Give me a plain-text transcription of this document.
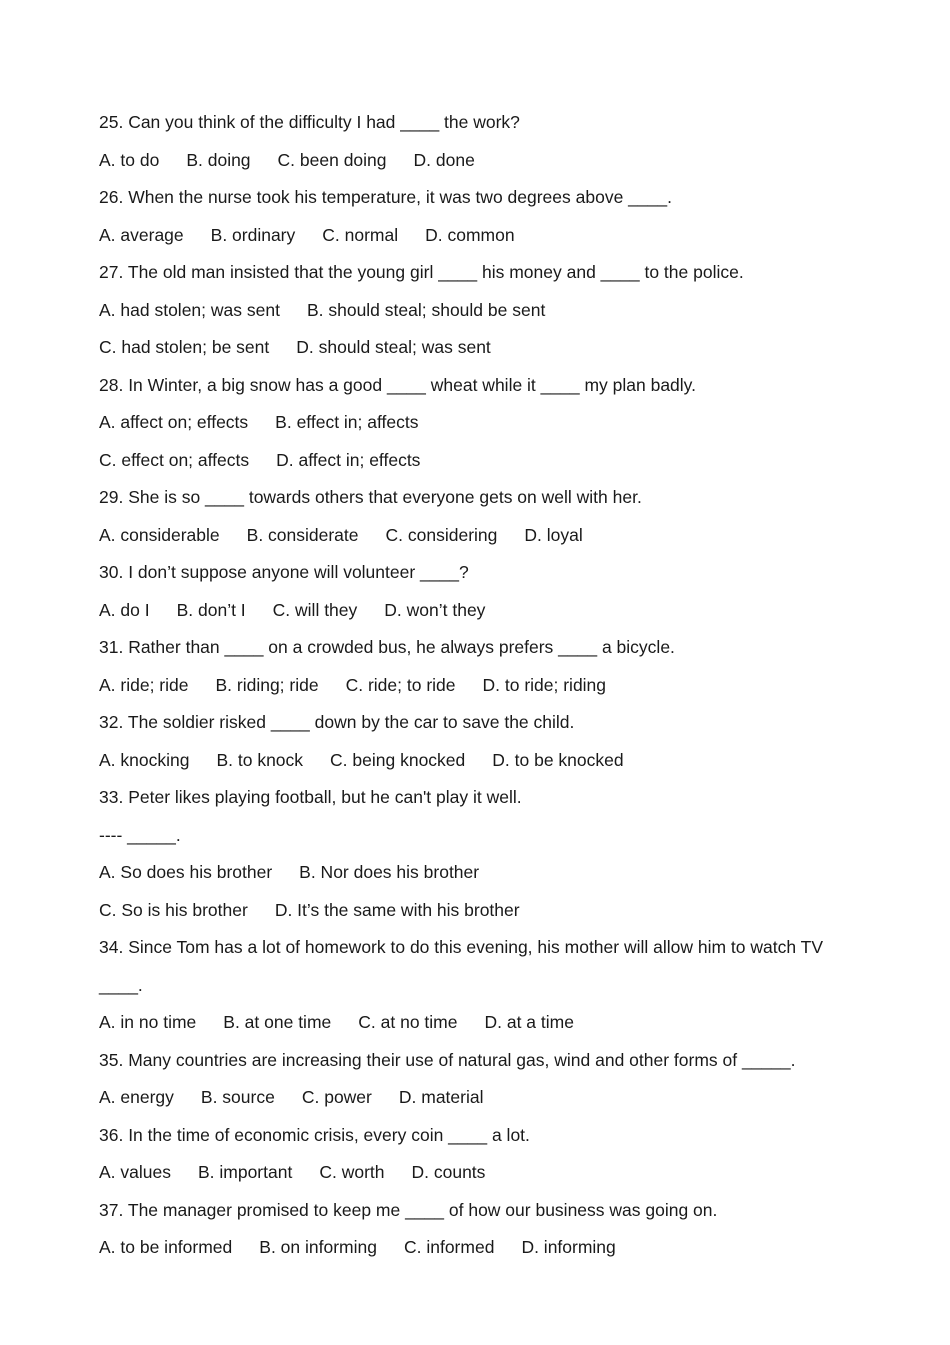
25. Can you think of the difficulty I had ____ the work?
A. to do B. doing C. been doing D. done
26. When the nurse took his temperature, it was two degrees above ____.
A. average B. ordinary C. normal D. common
27. The old man insisted that the young girl ____ his money and ____ to the police.
A. had stolen; was sent B. should steal; should be sent
C. had stolen; be sent D. should steal; was sent
28. In Winter, a big snow has a good ____ wheat while it ____ my plan badly.
A. affect on; effects B. effect in; affects
C. effect on; affects D. affect in; effects
29. She is so ____ towards others that everyone gets on well with her.
A. considerable B. considerate C. considering D. loyal
30. I don’t suppose anyone will volunteer ____?
A. do I B. don’t I C. will they D. won’t they
31. Rather than ____ on a crowded bus, he always prefers ____ a bicycle.
A. ride; ride B. riding; ride C. ride; to ride D. to ride; riding
32. The soldier risked ____ down by the car to save the child.
A. knocking B. to knock C. being knocked D. to be knocked
33. Peter likes playing football, but he can't play it well.
---- _____.
A. So does his brother B. Nor does his brother
C. So is his brother D. It’s the same with his brother
34. Since Tom has a lot of homework to do this evening, his mother will allow him to watch TV
____.
A. in no time B. at one time C. at no time D. at a time
35. Many countries are increasing their use of natural gas, wind and other forms of _____.
A. energy B. source C. power D. material
36. In the time of economic crisis, every coin ____ a lot.
A. values B. important C. worth D. counts
37. The manager promised to keep me ____ of how our business was going on.
A. to be informed B. on informing C. informed D. informing
